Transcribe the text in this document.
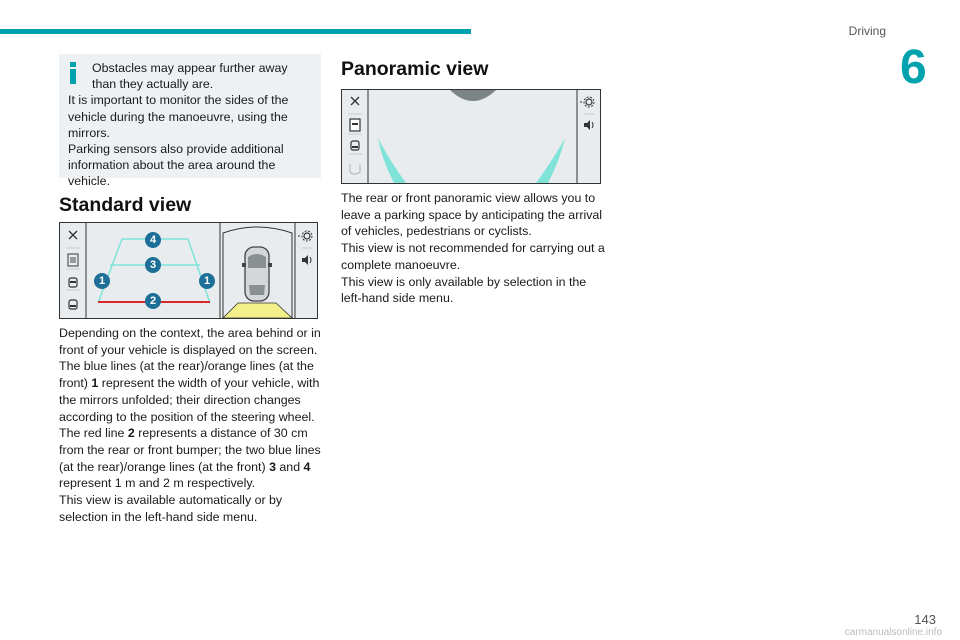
Driving
6

Obstacles may appear further away than they actually are.

It is important to monitor the sides of the vehicle during the manoeuvre, using the mirrors.

Parking sensors also provide additional information about the area around the vehicle.

Standard view
4
3
1	1
2

Depending on the context, the area behind or in front of your vehicle is displayed on the screen.

The blue lines (at the rear)/orange lines (at the front) 1 represent the width of your vehicle, with the mirrors unfolded; their direction changes according to the position of the steering wheel.

The red line 2 represents a distance of 30 cm from the rear or front bumper; the two blue lines (at the rear)/orange lines (at the front) 3 and 4 represent 1 m and 2 m respectively.

This view is available automatically or by selection in the left-hand side menu.

Panoramic view

The rear or front panoramic view allows you to leave a parking space by anticipating the arrival of vehicles, pedestrians or cyclists.

This view is not recommended for carrying out a complete manoeuvre.

This view is only available by selection in the left-hand side menu.

143
carmanualsonline.info
